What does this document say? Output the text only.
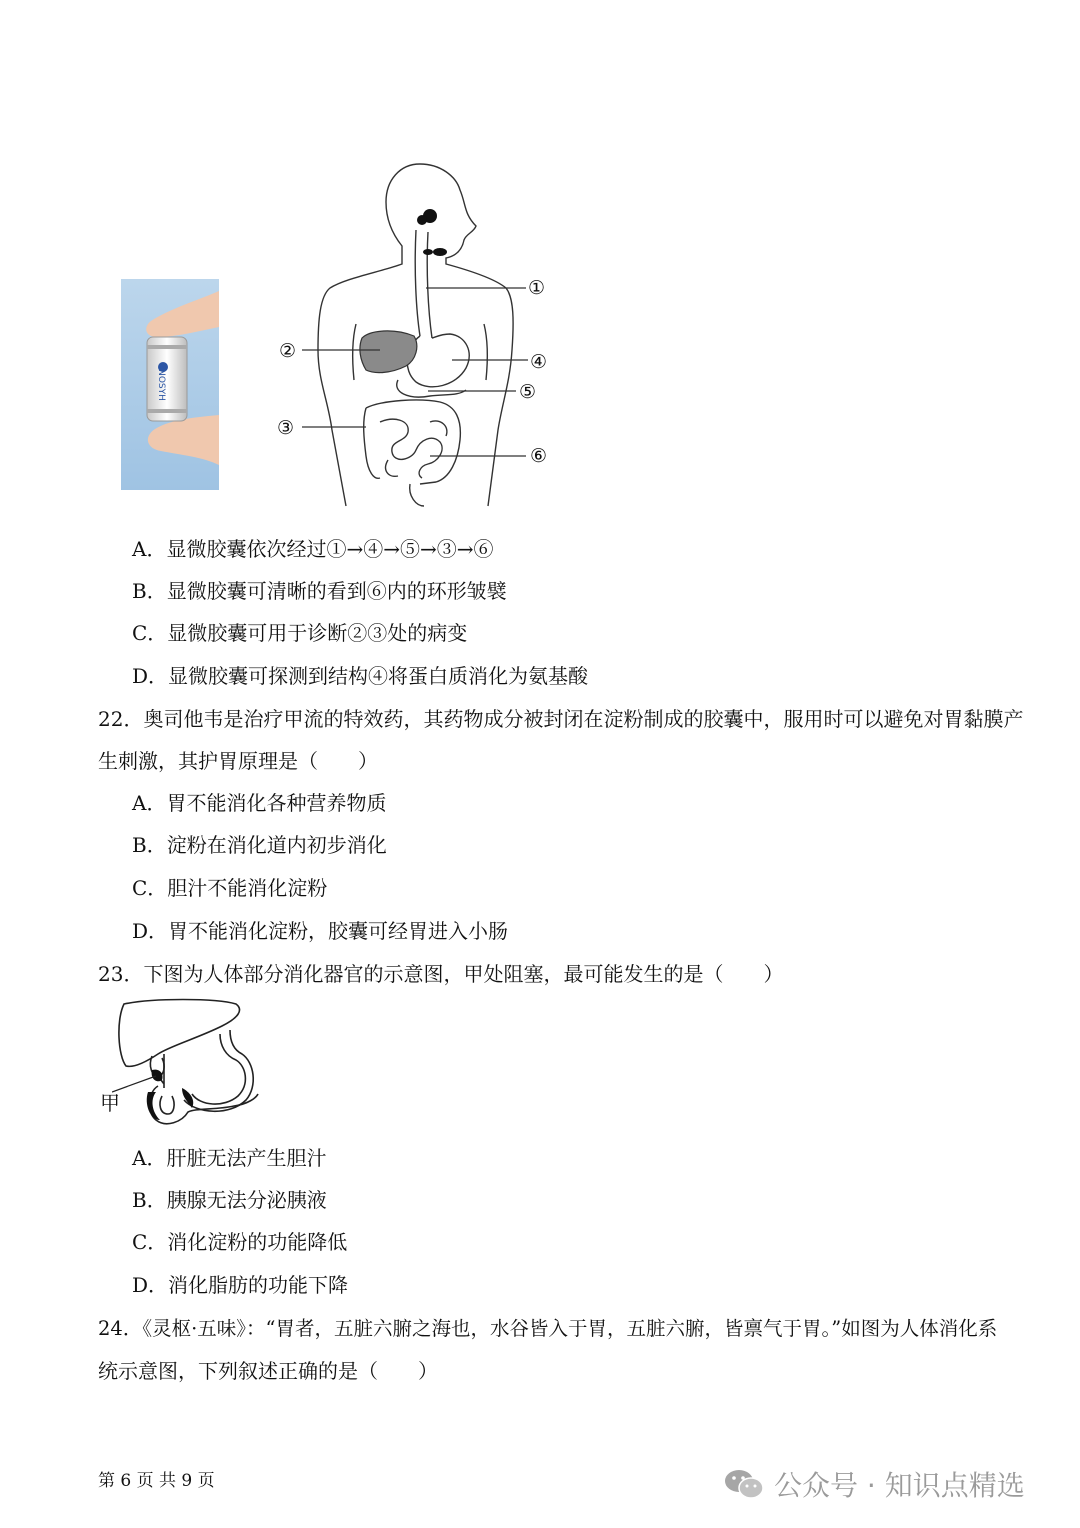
NOSYH
①
②
③
④
⑤
⑥
A．显微胶囊依次经过①→④→⑤→③→⑥
B．显微胶囊可清晰的看到⑥内的环形皱襞
C．显微胶囊可用于诊断②③处的病变
D．显微胶囊可探测到结构④将蛋白质消化为氨基酸
22．奥司他韦是治疗甲流的特效药，其药物成分被封闭在淀粉制成的胶囊中，服用时可以避免对胃黏膜产
生刺激，其护胃原理是（　　）
A．胃不能消化各种营养物质
B．淀粉在消化道内初步消化
C．胆汁不能消化淀粉
D．胃不能消化淀粉，胶囊可经胃进入小肠
23．下图为人体部分消化器官的示意图，甲处阻塞，最可能发生的是（　　）
甲
A．肝脏无法产生胆汁
B．胰腺无法分泌胰液
C．消化淀粉的功能降低
D．消化脂肪的功能下降
24．《灵枢·五味》：“胃者，五脏六腑之海也，水谷皆入于胃，五脏六腑，皆禀气于胃。”如图为人体消化系
统示意图，下列叙述正确的是（　　）
第 6 页 共 9 页	公众号 · 知识点精选
